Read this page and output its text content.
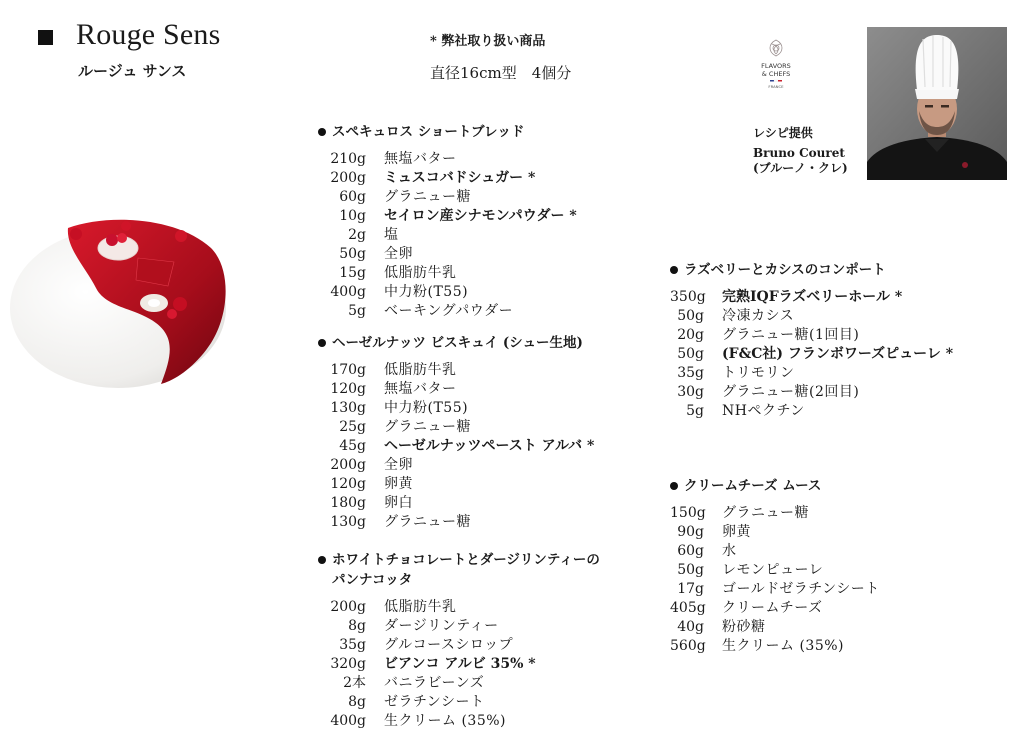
Rouge Sens
ルージュ サンス
* 弊社取り扱い商品
直径16cm型　4個分	FLAVORS
& CHEFS
FRANCE
レシピ提供
Bruno Couret
(ブルーノ・クレ)
スペキュロス ショートブレッド
210g	無塩バター
200g	ミュスコバドシュガー *
60g	グラニュー糖
10g	セイロン産シナモンパウダー *
2g	塩
50g	全卵
15g	低脂肪牛乳
400g	中力粉(T55)
5g	ベーキングパウダー
ヘーゼルナッツ ビスキュイ (シュー生地)
170g	低脂肪牛乳
120g	無塩バター
130g	中力粉(T55)
25g	グラニュー糖
45g	ヘーゼルナッツペースト アルバ *
200g	全卵
120g	卵黄
180g	卵白
130g	グラニュー糖
ホワイトチョコレートとダージリンティーの
パンナコッタ
200g	低脂肪牛乳
8g	ダージリンティー
35g	グルコースシロップ
320g	ビアンコ アルビ 35% *
2本	バニラビーンズ
8g	ゼラチンシート
400g	生クリーム (35%)
ラズベリーとカシスのコンポート
350g	完熟IQFラズベリーホール *
50g	冷凍カシス
20g	グラニュー糖(1回目)
50g	(F&C社) フランボワーズピューレ *
35g	トリモリン
30g	グラニュー糖(2回目)
5g	NHペクチン
クリームチーズ ムース
150g	グラニュー糖
90g	卵黄
60g	水
50g	レモンピューレ
17g	ゴールドゼラチンシート
405g	クリームチーズ
40g	粉砂糖
560g	生クリーム (35%)
